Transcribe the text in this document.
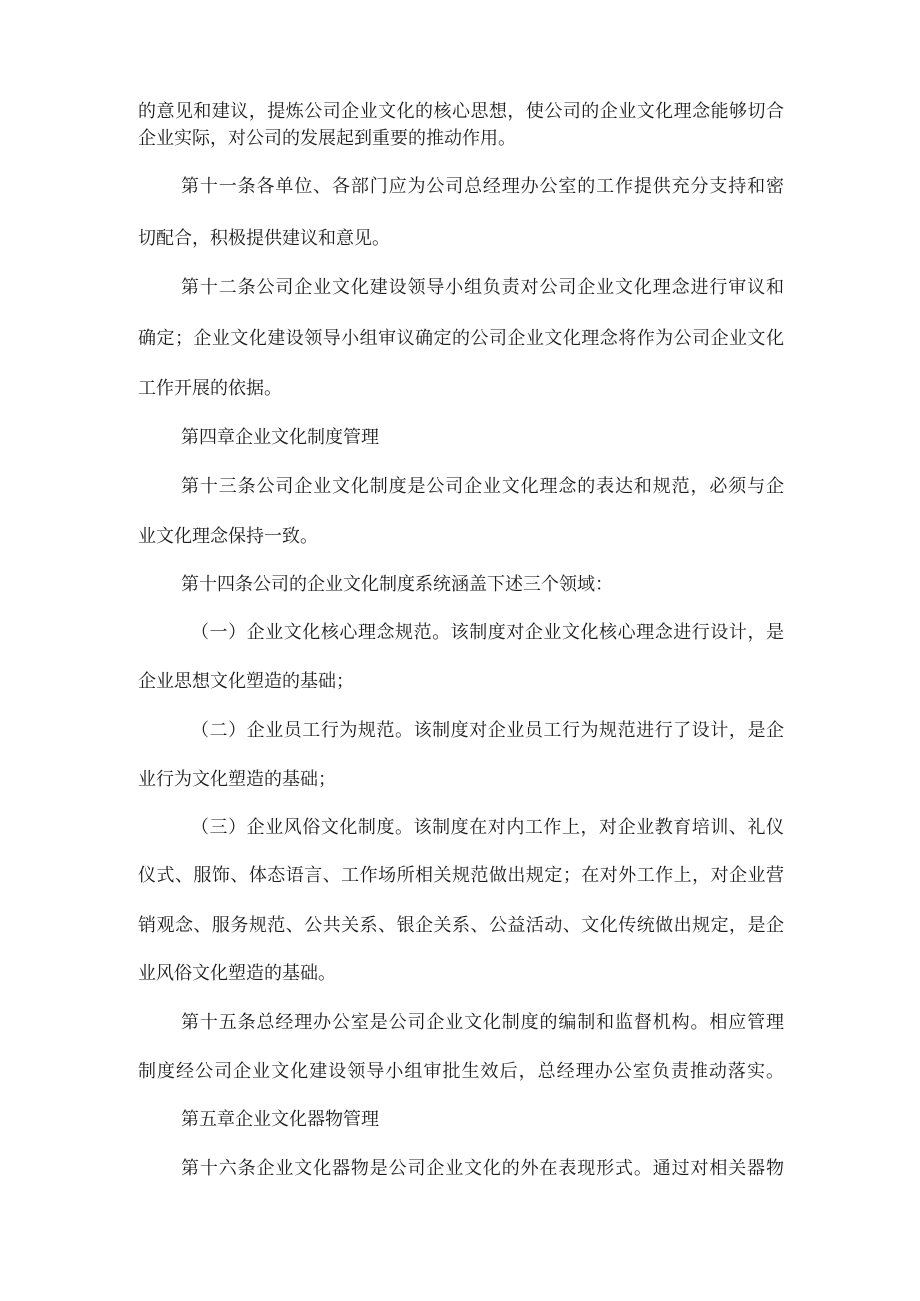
的意见和建议，提炼公司企业文化的核心思想，使公司的企业文化理念能够切合
企业实际，对公司的发展起到重要的推动作用。
第十一条各单位、各部门应为公司总经理办公室的工作提供充分支持和密
切配合，积极提供建议和意见。
第十二条公司企业文化建设领导小组负责对公司企业文化理念进行审议和
确定；企业文化建设领导小组审议确定的公司企业文化理念将作为公司企业文化
工作开展的依据。
第四章企业文化制度管理
第十三条公司企业文化制度是公司企业文化理念的表达和规范，必须与企
业文化理念保持一致。
第十四条公司的企业文化制度系统涵盖下述三个领域：
（一）企业文化核心理念规范。该制度对企业文化核心理念进行设计，是
企业思想文化塑造的基础；
（二）企业员工行为规范。该制度对企业员工行为规范进行了设计，是企
业行为文化塑造的基础；
（三）企业风俗文化制度。该制度在对内工作上，对企业教育培训、礼仪
仪式、服饰、体态语言、工作场所相关规范做出规定；在对外工作上，对企业营
销观念、服务规范、公共关系、银企关系、公益活动、文化传统做出规定，是企
业风俗文化塑造的基础。
第十五条总经理办公室是公司企业文化制度的编制和监督机构。相应管理
制度经公司企业文化建设领导小组审批生效后，总经理办公室负责推动落实。
第五章企业文化器物管理
第十六条企业文化器物是公司企业文化的外在表现形式。通过对相关器物
